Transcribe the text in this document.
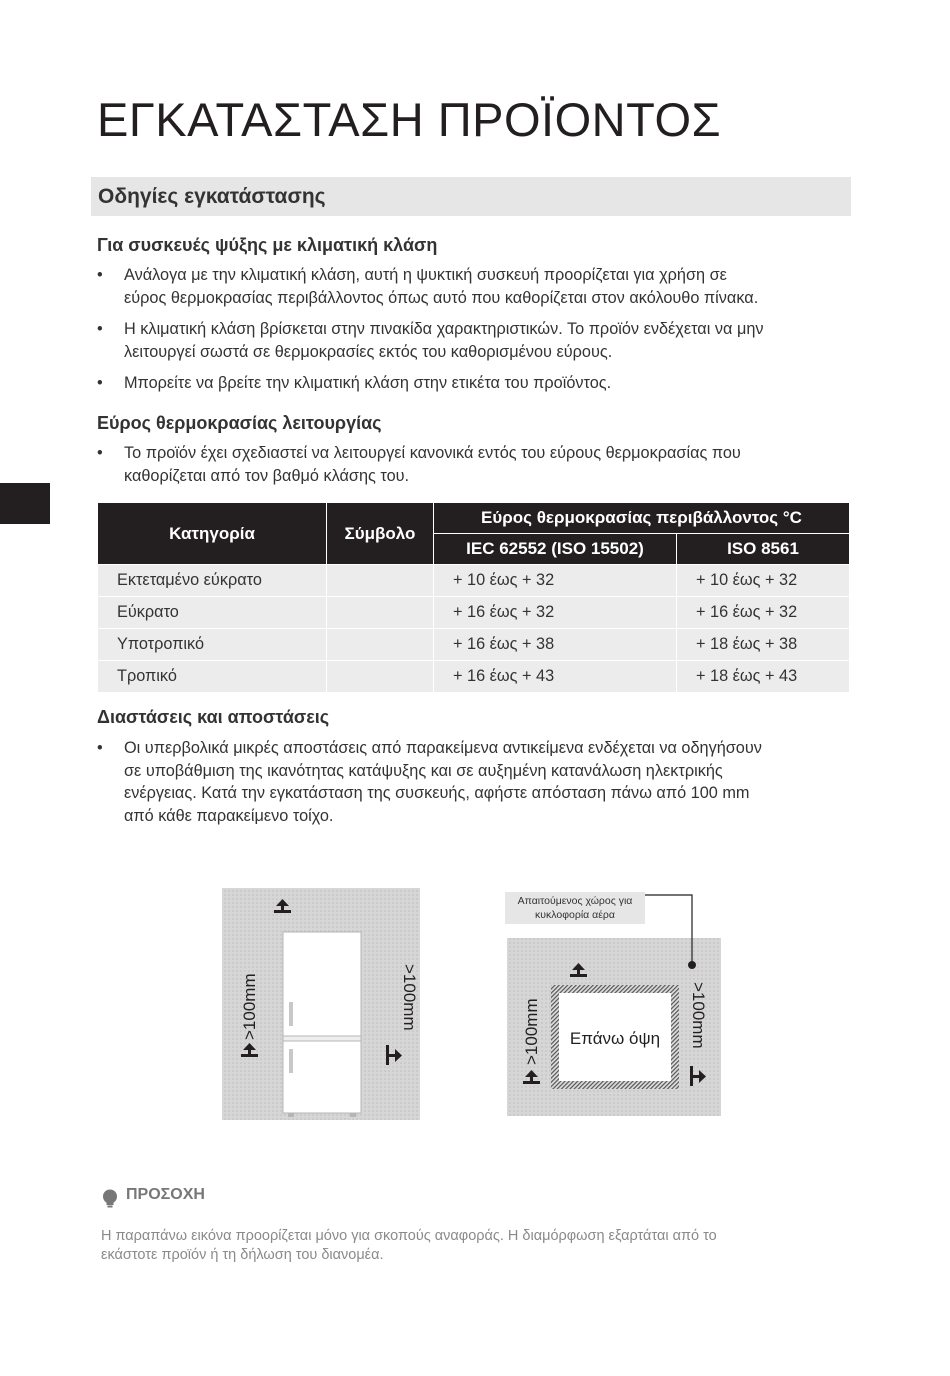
ΕΓΚΑΤΑΣΤΑΣΗ ΠΡΟΪΟΝΤΟΣ
Οδηγίες εγκατάστασης
Για συσκευές ψύξης με κλιματική κλάση
• Ανάλογα με την κλιματική κλάση, αυτή η ψυκτική συσκευή προορίζεται για χρήση σε
εύρος θερμοκρασίας περιβάλλοντος όπως αυτό που καθορίζεται στον ακόλουθο πίνακα.
• Η κλιματική κλάση βρίσκεται στην πινακίδα χαρακτηριστικών. Το προϊόν ενδέχεται να μην
λειτουργεί σωστά σε θερμοκρασίες εκτός του καθορισμένου εύρους.
• Μπορείτε να βρείτε την κλιματική κλάση στην ετικέτα του προϊόντος.
Εύρος θερμοκρασίας λειτουργίας
• Το προϊόν έχει σχεδιαστεί να λειτουργεί κανονικά εντός του εύρους θερμοκρασίας που
καθορίζεται από τον βαθμό κλάσης του.
Κατηγορία	Σύμβολο	Εύρος θερμοκρασίας περιβάλλοντος °C	
		IEC 62552 (ISO 15502)	ISO 8561
Εκτεταμένο εύκρατο		+ 10 έως + 32	+ 10 έως + 32
Εύκρατο		+ 16 έως + 32	+ 16 έως + 32
Υποτροπικό		+ 16 έως + 38	+ 18 έως + 38
Τροπικό		+ 16 έως + 43	+ 18 έως + 43
Διαστάσεις και αποστάσεις
• Οι υπερβολικά μικρές αποστάσεις από παρακείμενα αντικείμενα ενδέχεται να οδηγήσουν
σε υποβάθμιση της ικανότητας κατάψυξης και σε αυξημένη κατανάλωση ηλεκτρικής
ενέργειας. Κατά την εγκατάσταση της συσκευής, αφήστε απόσταση πάνω από 100 mm
από κάθε παρακείμενο τοίχο.
>100mm	>100mm
Απαιτούμενος χώρος για
κυκλοφορία αέρα
Επάνω όψη
>100mm	>100mm
ΠΡΟΣΟΧΗ
Η παραπάνω εικόνα προορίζεται μόνο για σκοπούς αναφοράς. Η διαμόρφωση εξαρτάται από το
εκάστοτε προϊόν ή τη δήλωση του διανομέα.
